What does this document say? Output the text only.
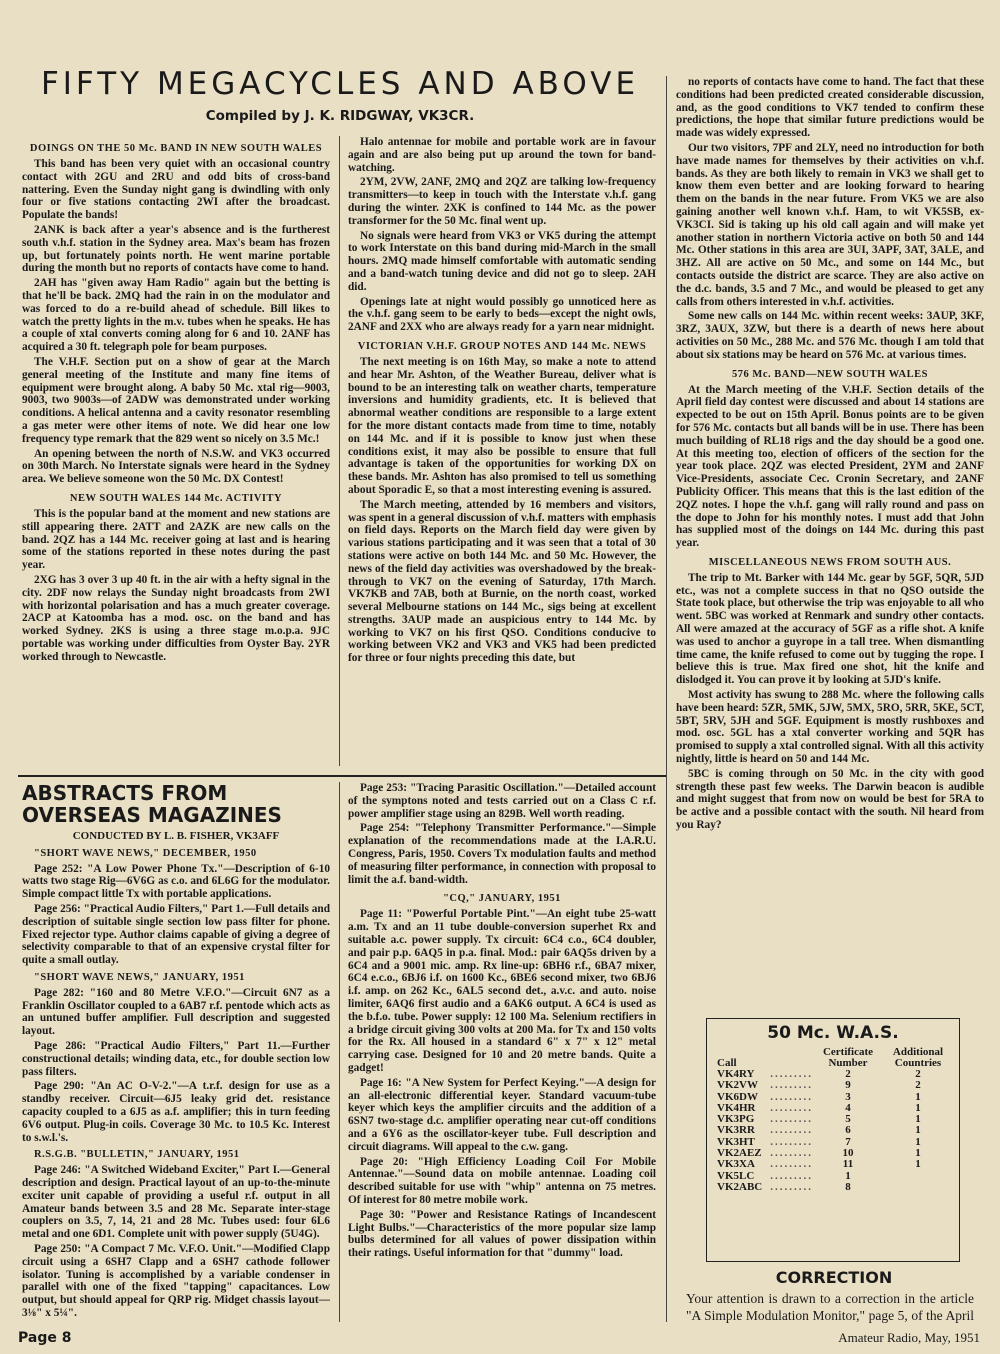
FIFTY MEGACYCLES AND ABOVE
Compiled by J. K. RIDGWAY, VK3CR.
DOINGS ON THE 50 Mc. BAND IN NEW SOUTH WALES

This band has been very quiet with an occasional country contact with 2GU and 2RU and odd bits of cross-band nattering. Even the Sunday night gang is dwindling with only four or five stations contacting 2WI after the broadcast. Populate the bands!

2ANK is back after a year's absence and is the furtherest south v.h.f. station in the Sydney area. Max's beam has frozen up, but fortunately points north. He went marine portable during the month but no reports of contacts have come to hand.

2AH has "given away Ham Radio" again but the betting is that he'll be back. 2MQ had the rain in on the modulator and was forced to do a re-build ahead of schedule. Bill likes to watch the pretty lights in the m.v. tubes when he speaks. He has a couple of xtal converts coming along for 6 and 10. 2ANF has acquired a 30 ft. telegraph pole for beam purposes.

The V.H.F. Section put on a show of gear at the March general meeting of the Institute and many fine items of equipment were brought along. A baby 50 Mc. xtal rig—9003, 9003, two 9003s—of 2ADW was demonstrated under working conditions. A helical antenna and a cavity resonator resembling a gas meter were other items of note. We did hear one low frequency type remark that the 829 went so nicely on 3.5 Mc.!

An opening between the north of N.S.W. and VK3 occurred on 30th March. No Interstate signals were heard in the Sydney area. We believe someone won the 50 Mc. DX Contest!

NEW SOUTH WALES 144 Mc. ACTIVITY

This is the popular band at the moment and new stations are still appearing there. 2ATT and 2AZK are new calls on the band. 2QZ has a 144 Mc. receiver going at last and is hearing some of the stations reported in these notes during the past year.

2XG has 3 over 3 up 40 ft. in the air with a hefty signal in the city. 2DF now relays the Sunday night broadcasts from 2WI with horizontal polarisation and has a much greater coverage. 2ACP at Katoomba has a mod. osc. on the band and has worked Sydney. 2KS is using a three stage m.o.p.a. 9JC portable was working under difficulties from Oyster Bay. 2YR worked through to Newcastle.

Halo antennae for mobile and portable work are in favour again and are also being put up around the town for band-watching.

2YM, 2VW, 2ANF, 2MQ and 2QZ are talking low-frequency transmitters—to keep in touch with the Interstate v.h.f. gang during the winter. 2XK is confined to 144 Mc. as the power transformer for the 50 Mc. final went up.

No signals were heard from VK3 or VK5 during the attempt to work Interstate on this band during mid-March in the small hours. 2MQ made himself comfortable with automatic sending and a band-watch tuning device and did not go to sleep. 2AH did.

Openings late at night would possibly go unnoticed here as the v.h.f. gang seem to be early to beds—except the night owls, 2ANF and 2XX who are always ready for a yarn near midnight.

VICTORIAN V.H.F. GROUP NOTES AND 144 Mc. NEWS

The next meeting is on 16th May, so make a note to attend and hear Mr. Ashton, of the Weather Bureau, deliver what is bound to be an interesting talk on weather charts, temperature inversions and humidity gradients, etc. It is believed that abnormal weather conditions are responsible to a large extent for the more distant contacts made from time to time, notably on 144 Mc. and if it is possible to know just when these conditions exist, it may also be possible to ensure that full advantage is taken of the opportunities for working DX on these bands. Mr. Ashton has also promised to tell us something about Sporadic E, so that a most interesting evening is assured.

The March meeting, attended by 16 members and visitors, was spent in a general discussion of v.h.f. matters with emphasis on field days. Reports on the March field day were given by various stations participating and it was seen that a total of 30 stations were active on both 144 Mc. and 50 Mc. However, the news of the field day activities was overshadowed by the break-through to VK7 on the evening of Saturday, 17th March. VK7KB and 7AB, both at Burnie, on the north coast, worked several Melbourne stations on 144 Mc., sigs being at excellent strengths. 3AUP made an auspicious entry to 144 Mc. by working to VK7 on his first QSO. Conditions conducive to working between VK2 and VK3 and VK5 had been predicted for three or four nights preceding this date, but

no reports of contacts have come to hand. The fact that these conditions had been predicted created considerable discussion, and, as the good conditions to VK7 tended to confirm these predictions, the hope that similar future predictions would be made was widely expressed.

Our two visitors, 7PF and 2LY, need no introduction for both have made names for themselves by their activities on v.h.f. bands. As they are both likely to remain in VK3 we shall get to know them even better and are looking forward to hearing them on the bands in the near future. From VK5 we are also gaining another well known v.h.f. Ham, to wit VK5SB, ex-VK3CI. Sid is taking up his old call again and will make yet another station in northern Victoria active on both 50 and 144 Mc. Other stations in this area are 3UI, 3APF, 3AT, 3ALE, and 3HZ. All are active on 50 Mc., and some on 144 Mc., but contacts outside the district are scarce. They are also active on the d.c. bands, 3.5 and 7 Mc., and would be pleased to get any calls from others interested in v.h.f. activities.

Some new calls on 144 Mc. within recent weeks: 3AUP, 3KF, 3RZ, 3AUX, 3ZW, but there is a dearth of news here about activities on 50 Mc., 288 Mc. and 576 Mc. though I am told that about six stations may be heard on 576 Mc. at various times.

576 Mc. BAND—NEW SOUTH WALES

At the March meeting of the V.H.F. Section details of the April field day contest were discussed and about 14 stations are expected to be out on 15th April. Bonus points are to be given for 576 Mc. contacts but all bands will be in use. There has been much building of RL18 rigs and the day should be a good one. At this meeting too, election of officers of the section for the year took place. 2QZ was elected President, 2YM and 2ANF Vice-Presidents, associate Cec. Cronin Secretary, and 2ANF Publicity Officer. This means that this is the last edition of the 2QZ notes. I hope the v.h.f. gang will rally round and pass on the dope to John for his monthly notes. I must add that John has supplied most of the doings on 144 Mc. during this past year.

MISCELLANEOUS NEWS FROM SOUTH AUS.

The trip to Mt. Barker with 144 Mc. gear by 5GF, 5QR, 5JD etc., was not a complete success in that no QSO outside the State took place, but otherwise the trip was enjoyable to all who went. 5BC was worked at Renmark and sundry other contacts. All were amazed at the accuracy of 5GF as a rifle shot. A knife was used to anchor a guyrope in a tall tree. When dismantling time came, the knife refused to come out by tugging the rope. I believe this is true. Max fired one shot, hit the knife and dislodged it. You can prove it by looking at 5JD's knife.

Most activity has swung to 288 Mc. where the following calls have been heard: 5ZR, 5MK, 5JW, 5MX, 5RO, 5RR, 5KE, 5CT, 5BT, 5RV, 5JH and 5GF. Equipment is mostly rushboxes and mod. osc. 5GL has a xtal converter working and 5QR has promised to supply a xtal controlled signal. With all this activity nightly, little is heard on 50 and 144 Mc.

5BC is coming through on 50 Mc. in the city with good strength these past few weeks. The Darwin beacon is audible and might suggest that from now on would be best for 5RA to be active and a possible contact with the south. Nil heard from you Ray?

ABSTRACTS FROM OVERSEAS MAGAZINES
CONDUCTED BY L. B. FISHER, VK3AFF
"SHORT WAVE NEWS," DECEMBER, 1950

Page 252: "A Low Power Phone Tx."—Description of 6-10 watts two stage Rig—6V6G as c.o. and 6L6G for the modulator. Simple compact little Tx with portable applications.

Page 256: "Practical Audio Filters," Part 1.—Full details and description of suitable single section low pass filter for phone. Fixed rejector type. Author claims capable of giving a degree of selectivity comparable to that of an expensive crystal filter for quite a small outlay.

"SHORT WAVE NEWS," JANUARY, 1951

Page 282: "160 and 80 Metre V.F.O."—Circuit 6N7 as a Franklin Oscillator coupled to a 6AB7 r.f. pentode which acts as an untuned buffer amplifier. Full description and suggested layout.

Page 286: "Practical Audio Filters," Part 11.—Further constructional details; winding data, etc., for double section low pass filters.

Page 290: "An AC O-V-2."—A t.r.f. design for use as a standby receiver. Circuit—6J5 leaky grid det. resistance capacity coupled to a 6J5 as a.f. amplifier; this in turn feeding 6V6 output. Plug-in coils. Coverage 30 Mc. to 10.5 Kc. Interest to s.w.l.'s.

R.S.G.B. "BULLETIN," JANUARY, 1951

Page 246: "A Switched Wideband Exciter," Part I.—General description and design. Practical layout of an up-to-the-minute exciter unit capable of providing a useful r.f. output in all Amateur bands between 3.5 and 28 Mc. Separate inter-stage couplers on 3.5, 7, 14, 21 and 28 Mc. Tubes used: four 6L6 metal and one 6D1. Complete unit with power supply (5U4G).

Page 250: "A Compact 7 Mc. V.F.O. Unit."—Modified Clapp circuit using a 6SH7 Clapp and a 6SH7 cathode follower isolator. Tuning is accomplished by a variable condenser in parallel with one of the fixed "tapping" capacitances. Low output, but should appeal for QRP rig. Midget chassis layout—3⅛" x 5¼".

Page 253: "Tracing Parasitic Oscillation."—Detailed account of the symptons noted and tests carried out on a Class C r.f. power amplifier stage using an 829B. Well worth reading.

Page 254: "Telephony Transmitter Performance."—Simple explanation of the recommendations made at the I.A.R.U. Congress, Paris, 1950. Covers Tx modulation faults and method of measuring filter performance, in connection with proposal to limit the a.f. band-width.

"CQ," JANUARY, 1951

Page 11: "Powerful Portable Pint."—An eight tube 25-watt a.m. Tx and an 11 tube double-conversion superhet Rx and suitable a.c. power supply. Tx circuit: 6C4 c.o., 6C4 doubler, and pair p.p. 6AQ5 in p.a. final. Mod.: pair 6AQ5s driven by a 6C4 and a 9001 mic. amp. Rx line-up: 6BH6 r.f., 6BA7 mixer, 6C4 e.c.o., 6BJ6 i.f. on 1600 Kc., 6BE6 second mixer, two 6BJ6 i.f. amp. on 262 Kc., 6AL5 second det., a.v.c. and auto. noise limiter, 6AQ6 first audio and a 6AK6 output. A 6C4 is used as the b.f.o. tube. Power supply: 12 100 Ma. Selenium rectifiers in a bridge circuit giving 300 volts at 200 Ma. for Tx and 150 volts for the Rx. All housed in a standard 6" x 7" x 12" metal carrying case. Designed for 10 and 20 metre bands. Quite a gadget!

Page 16: "A New System for Perfect Keying."—A design for an all-electronic differential keyer. Standard vacuum-tube keyer which keys the amplifier circuits and the addition of a 6SN7 two-stage d.c. amplifier operating near cut-off conditions and a 6Y6 as the oscillator-keyer tube. Full description and circuit diagrams. Will appeal to the c.w. gang.

Page 20: "High Efficiency Loading Coil For Mobile Antennae."—Sound data on mobile antennae. Loading coil described suitable for use with "whip" antenna on 75 metres. Of interest for 80 metre mobile work.

Page 30: "Power and Resistance Ratings of Incandescent Light Bulbs."—Characteristics of the more popular size lamp bulbs determined for all values of power dissipation within their ratings. Useful information for that "dummy" load.

50 Mc. W.A.S.
Call		Certificate Number	Additional Countries
VK4RY	.........	2	2
VK2VW	.........	9	2
VK6DW	.........	3	1
VK4HR	.........	4	1
VK3PG	.........	5	1
VK3RR	.........	6	1
VK3HT	.........	7	1
VK2AEZ	.........	10	1
VK3XA	.........	11	1
VK5LC	.........	1	
VK2ABC	.........	8	
CORRECTION
Your attention is drawn to a correction in the article "A Simple Modulation Monitor," page 5, of the April
Page 8	Amateur Radio, May, 1951
